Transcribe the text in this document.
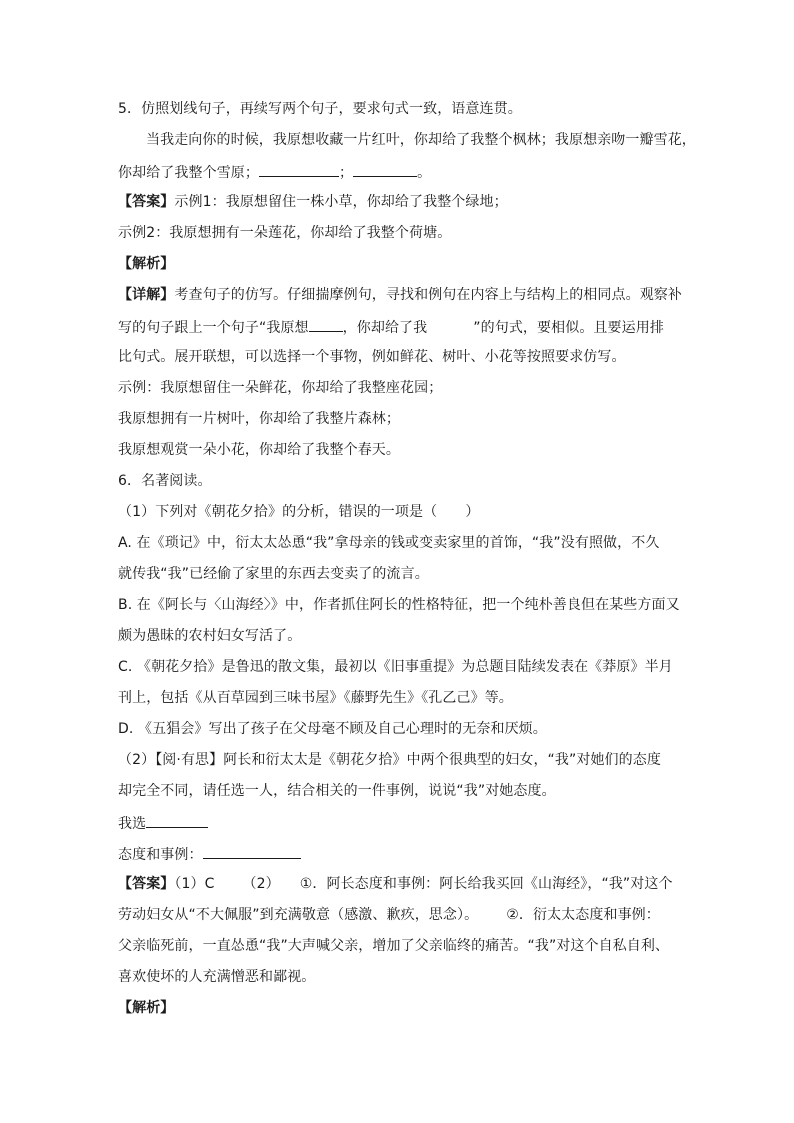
5．仿照划线句子，再续写两个句子，要求句式一致，语意连贯。
当我走向你的时候，我原想收藏一片红叶，你却给了我整个枫林；我原想亲吻一瓣雪花，
你却给了我整个雪原；	；	。
【答案】示例1：我原想留住一株小草，你却给了我整个绿地；
示例2：我原想拥有一朵莲花，你却给了我整个荷塘。
【解析】
【详解】考查句子的仿写。仔细揣摩例句，寻找和例句在内容上与结构上的相同点。观察补
写的句子跟上一个句子“我原想 ，你却给了我	”的句式，要相似。且要运用排
比句式。展开联想，可以选择一个事物，例如鲜花、树叶、小花等按照要求仿写。
示例：我原想留住一朵鲜花，你却给了我整座花园；
我原想拥有一片树叶，你却给了我整片森林；
我原想观赏一朵小花，你却给了我整个春天。
6．名著阅读。
（1）下列对《朝花夕拾》的分析，错误的一项是（　　）
A. 在《琐记》中，衍太太怂恿“我”拿母亲的钱或变卖家里的首饰，“我”没有照做，不久
就传我“我”已经偷了家里的东西去变卖了的流言。
B. 在《阿长与〈山海经〉》中，作者抓住阿长的性格特征，把一个纯朴善良但在某些方面又
颇为愚昧的农村妇女写活了。
C. 《朝花夕拾》是鲁迅的散文集，最初以《旧事重提》为总题目陆续发表在《莽原》半月
刊上，包括《从百草园到三味书屋》《藤野先生》《孔乙己》等。
D. 《五猖会》写出了孩子在父母毫不顾及自己心理时的无奈和厌烦。
（2）【阅·有思】阿长和衍太太是《朝花夕拾》中两个很典型的妇女，“我”对她们的态度
却完全不同，请任选一人，结合相关的一件事例，说说“我”对她态度。
我选
态度和事例：
【答案】（1）C （2） ①．阿长态度和事例：阿长给我买回《山海经》，“我”对这个
劳动妇女从“不大佩服”到充满敬意（感激、歉疚，思念）。 ②．衍太太态度和事例：
父亲临死前，一直怂恿“我”大声喊父亲，增加了父亲临终的痛苦。“我”对这个自私自利、
喜欢使坏的人充满憎恶和鄙视。
【解析】
